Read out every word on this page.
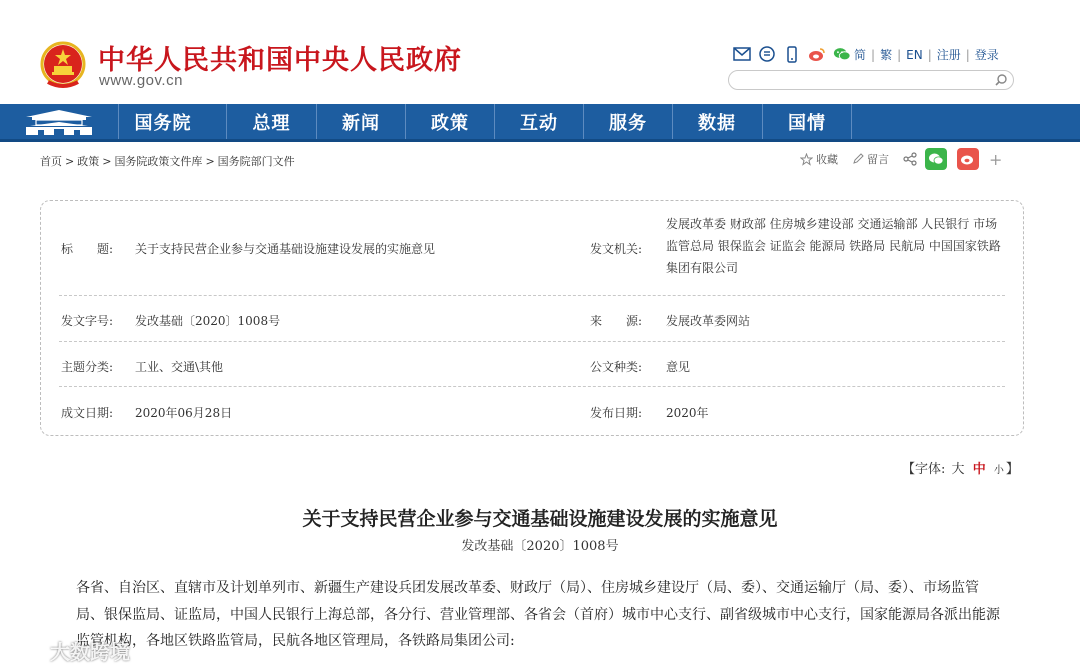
中华人民共和国中央人民政府
www.gov.cn
简 | 繁 | EN | 注册 | 登录
国务院	总理	新闻	政策	互动	服务	数据	国情
首页 > 政策 > 国务院政策文件库 > 国务院部门文件	收藏	留言	+
标　　题: 关于支持民营企业参与交通基础设施建设发展的实施意见	发文机关:
发展改革委 财政部 住房城乡建设部 交通运输部 人民银行 市场监管总局 银保监会 证监会 能源局 铁路局 民航局 中国国家铁路集团有限公司
发文字号: 发改基础〔2020〕1008号	来　　源: 发展改革委网站
主题分类: 工业、交通\其他	公文种类: 意见
成文日期: 2020年06月28日	发布日期: 2020年
【字体: 大 中 小 】
关于支持民营企业参与交通基础设施建设发展的实施意见
发改基础〔2020〕1008号
各省、自治区、直辖市及计划单列市、新疆生产建设兵团发展改革委、财政厅（局）、住房城乡建设厅（局、委）、交通运输厅（局、委）、市场监管局、银保监局、证监局，中国人民银行上海总部，各分行、营业管理部、各省会（首府）城市中心支行、副省级城市中心支行，国家能源局各派出能源监管机构，各地区铁路监管局，民航各地区管理局，各铁路局集团公司:
大数跨境
